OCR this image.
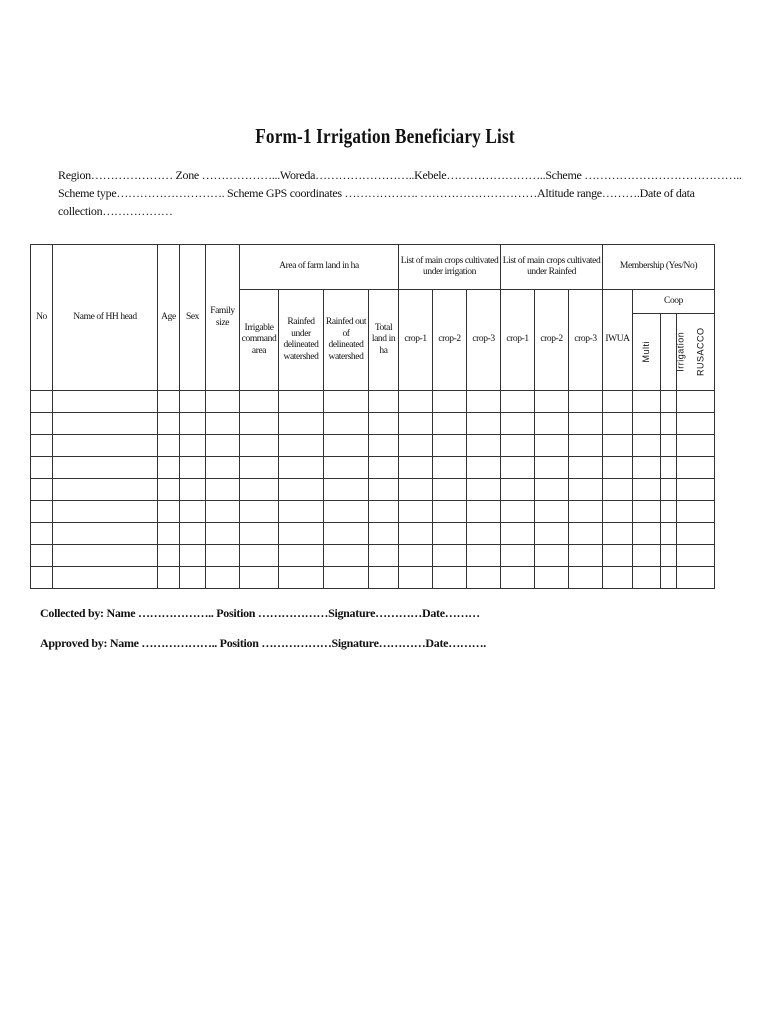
Form-1 Irrigation Beneficiary List
Region………………… Zone ………………...Woreda……………………..Kebele……………………..Scheme …………………………………..
Scheme type………………………. Scheme GPS coordinates ………………. …………………………Altitude range……….Date of data
collection………………
No	Name of HH head	Age	Sex	Family size	Area of farm land in ha				List of main crops cultivated under irrigation			List of main crops cultivated under Rainfed			Membership (Yes/No)			
					Irrigable command area	Rainfed under delineated watershed	Rainfed out of delineated watershed	Total land in ha	crop-1	crop-2	crop-3	crop-1	crop-2	crop-3	IWUA	Coop		
																Multi	Irrigation	RUSACCO

Collected by: Name ……………….. Position ………………Signature…………Date………
Approved by: Name ……………….. Position ………………Signature…………Date……….
